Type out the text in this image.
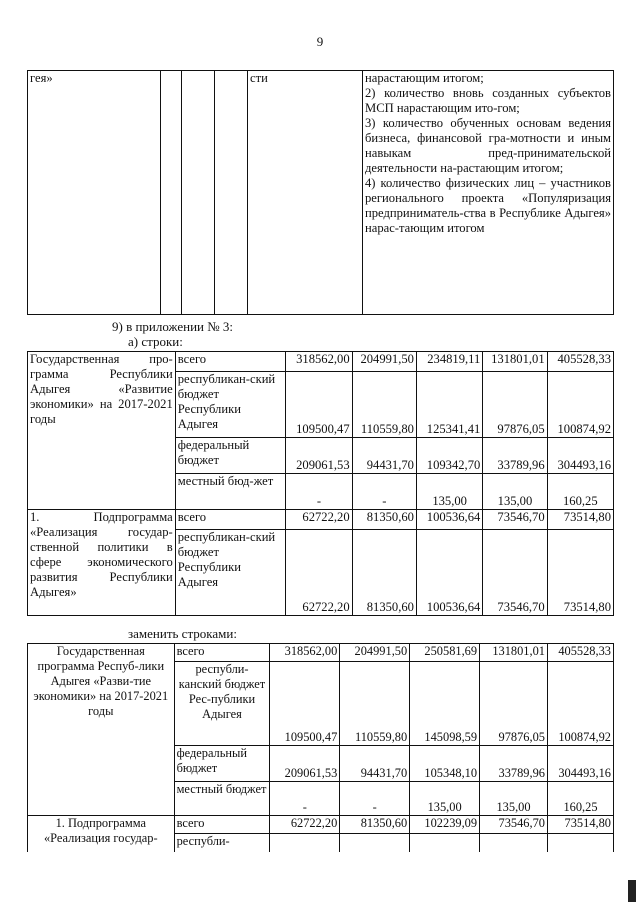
9
гея»				сти	нарастающим итогом;

2) количество вновь созданных субъектов МСП нарастающим ито-гом;

3) количество обученных основам ведения бизнеса, финансовой гра-мотности и иным навыкам пред-принимательской деятельности на-растающим итогом;

4) количество физических лиц – участников регионального проекта «Популяризация предприниматель-ства в Республике Адыгея» нарас-тающим итогом

9) в приложении № 3:
а) строки:
Государственная про-грамма Республики Адыгея «Развитие экономики» на 2017-2021 годы	всего	318562,00	204991,50	234819,11	131801,01	405528,33
	республикан-ский бюджет Республики Адыгея	109500,47	110559,80	125341,41	97876,05	100874,92
	федеральный бюджет	209061,53	94431,70	109342,70	33789,96	304493,16
	местный бюд-жет	-	-	135,00	135,00	160,25
1. Подпрограмма «Реализация государ-ственной политики в сфере экономического развития Республики Адыгея»	всего	62722,20	81350,60	100536,64	73546,70	73514,80
	республикан-ский бюджет Республики Адыгея	62722,20	81350,60	100536,64	73546,70	73514,80
заменить строками:
Государственная программа Респуб-лики Адыгея «Разви-тие экономики» на 2017-2021 годы	всего	318562,00	204991,50	250581,69	131801,01	405528,33
	республи-канский бюджет Рес-публики Адыгея	109500,47	110559,80	145098,59	97876,05	100874,92
	федеральный бюджет	209061,53	94431,70	105348,10	33789,96	304493,16
	местный бюджет	-	-	135,00	135,00	160,25
1. Подпрограмма «Реализация государ-	всего	62722,20	81350,60	102239,09	73546,70	73514,80
	республи-					
